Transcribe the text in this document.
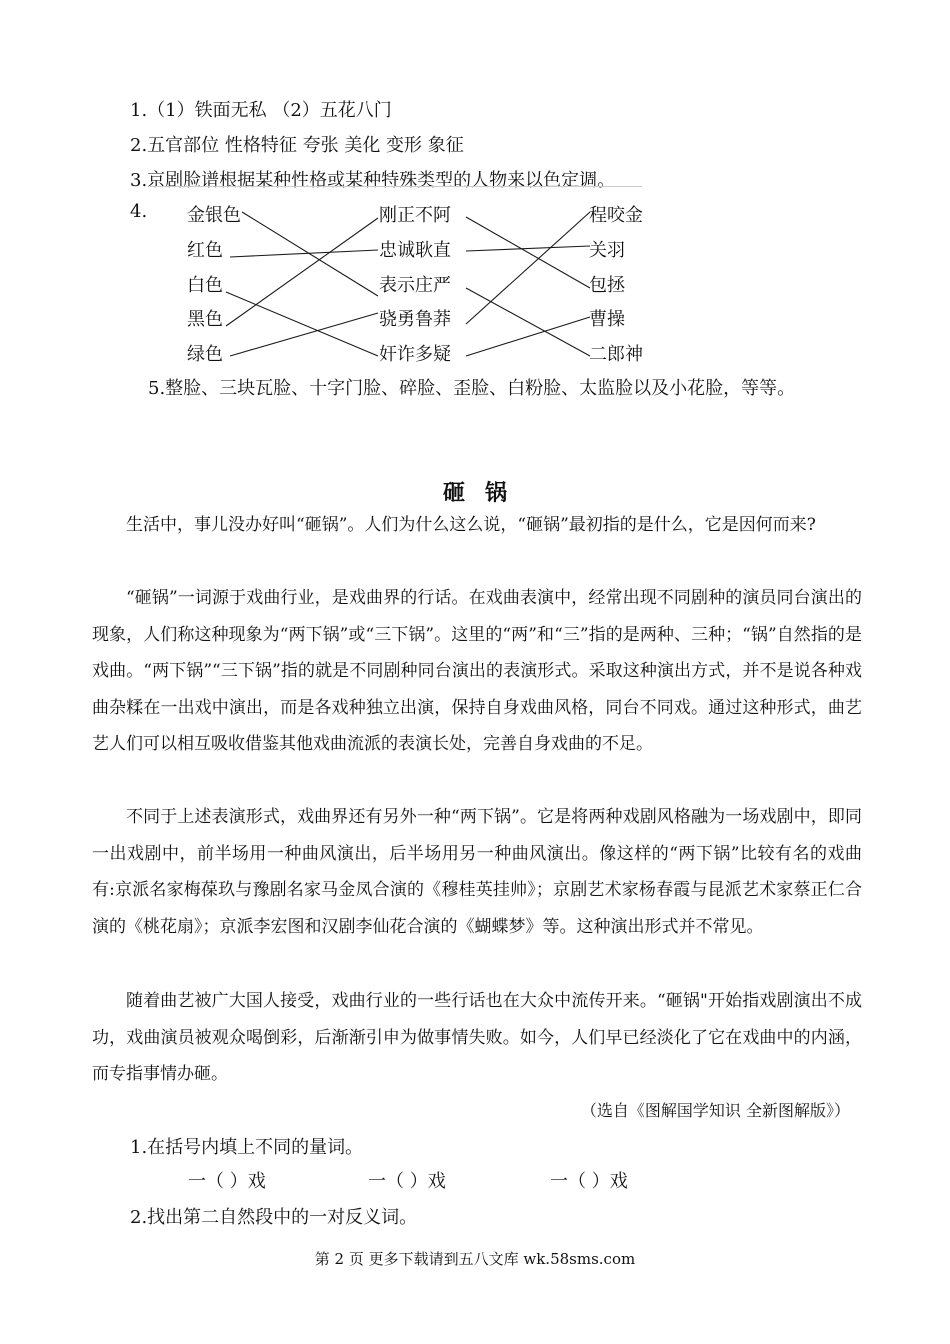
1.（1）铁面无私 （2）五花八门
2.五官部位 性格特征 夸张 美化 变形 象征
3.京剧脸谱根据某种性格或某种特殊类型的人物来以色定调。
4. 金银色
红色
白色
黑色
绿色
刚正不阿
忠诚耿直
表示庄严
骁勇鲁莽
奸诈多疑
程咬金
关羽
包拯
曹操
二郎神
5.整脸、三块瓦脸、十字门脸、碎脸、歪脸、白粉脸、太监脸以及小花脸，等等。
砸锅
生活中，事儿没办好叫“砸锅”。人们为什么这么说，“砸锅”最初指的是什么，它是因何而来?
“砸锅”一词源于戏曲行业，是戏曲界的行话。在戏曲表演中，经常出现不同剧种的演员同台演出的现象，人们称这种现象为“两下锅”或“三下锅”。这里的“两”和“三”指的是两种、三种；“锅”自然指的是戏曲。“两下锅”“三下锅”指的就是不同剧种同台演出的表演形式。采取这种演出方式，并不是说各种戏曲杂糅在一出戏中演出，而是各戏种独立出演，保持自身戏曲风格，同台不同戏。通过这种形式，曲艺艺人们可以相互吸收借鉴其他戏曲流派的表演长处，完善自身戏曲的不足。
不同于上述表演形式，戏曲界还有另外一种“两下锅”。它是将两种戏剧风格融为一场戏剧中，即同一出戏剧中，前半场用一种曲风演出，后半场用另一种曲风演出。像这样的“两下锅”比较有名的戏曲有:京派名家梅葆玖与豫剧名家马金凤合演的《穆桂英挂帅》；京剧艺术家杨春霞与昆派艺术家蔡正仁合演的《桃花扇》；京派李宏图和汉剧李仙花合演的《蝴蝶梦》等。这种演出形式并不常见。
随着曲艺被广大国人接受，戏曲行业的一些行话也在大众中流传开来。“砸锅"开始指戏剧演出不成功，戏曲演员被观众喝倒彩，后渐渐引申为做事情失败。如今，人们早已经淡化了它在戏曲中的内涵，而专指事情办砸。
（选自《图解国学知识 全新图解版》）
1.在括号内填上不同的量词。
一（ ）戏	一（ ）戏	一（ ）戏
2.找出第二自然段中的一对反义词。
第 2 页 更多下载请到五八文库 wk.58sms.com
